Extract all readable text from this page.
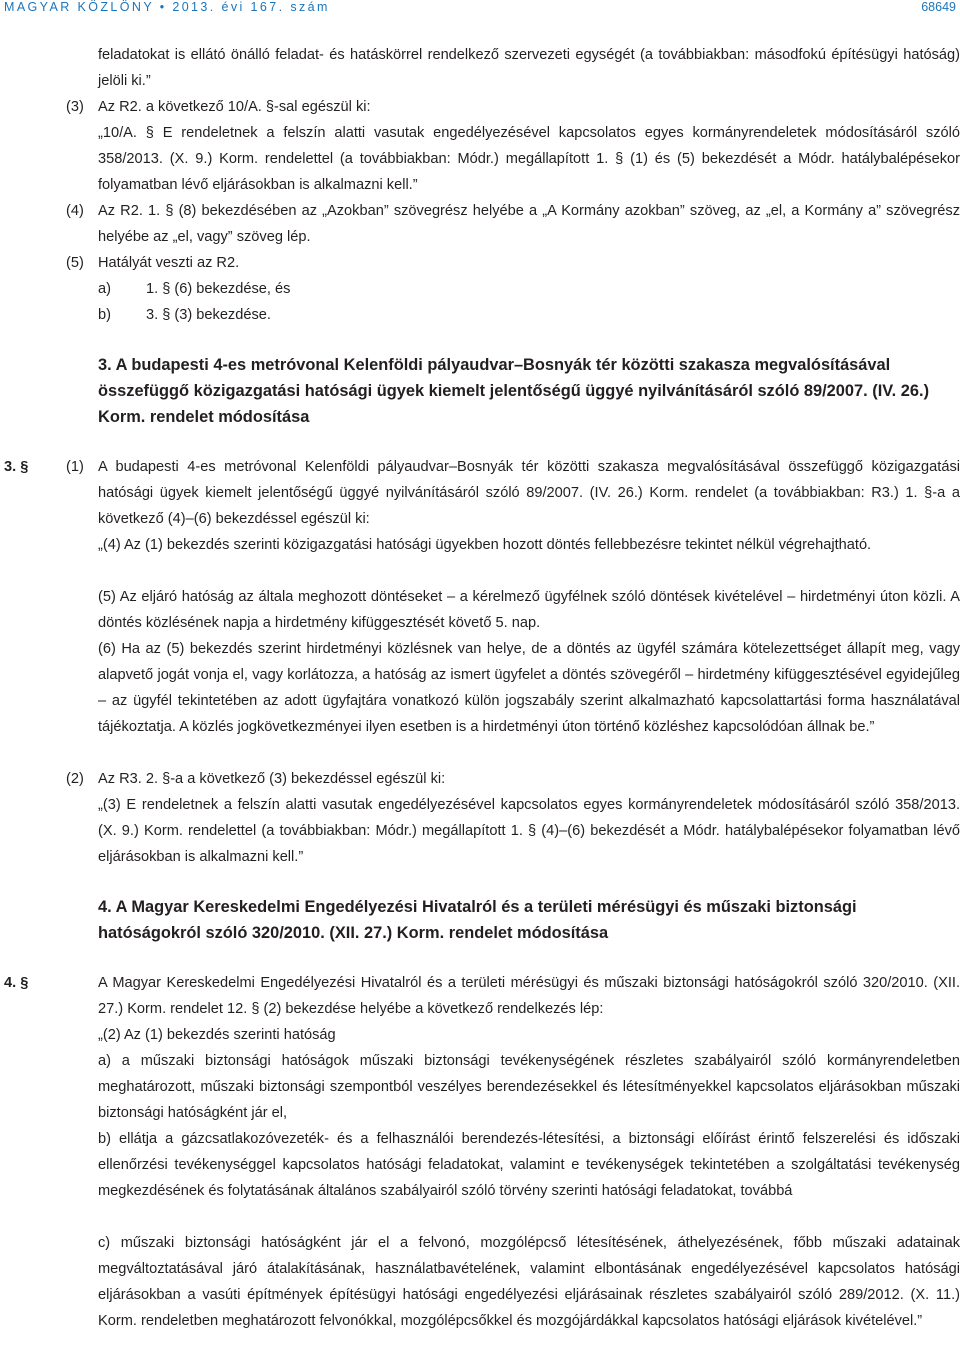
MAGYAR KÖZLÖNY • 2013. évi 167. szám	68649
feladatokat is ellátó önálló feladat- és hatáskörrel rendelkező szervezeti egységét (a továbbiakban: másodfokú építésügyi hatóság) jelöli ki.”
(3) Az R2. a következő 10/A. §-sal egészül ki:
„10/A. § E rendeletnek a felszín alatti vasutak engedélyezésével kapcsolatos egyes kormányrendeletek módosításáról szóló 358/2013. (X. 9.) Korm. rendelettel (a továbbiakban: Módr.) megállapított 1. § (1) és (5) bekezdését a Módr. hatálybalépésekor folyamatban lévő eljárásokban is alkalmazni kell.”
(4) Az R2. 1. § (8) bekezdésében az „Azokban” szövegrész helyébe a „A Kormány azokban” szöveg, az „el, a Kormány a” szövegrész helyébe az „el, vagy” szöveg lép.
(5) Hatályát veszti az R2.
a) 1. § (6) bekezdése, és
b) 3. § (3) bekezdése.
3. A budapesti 4-es metróvonal Kelenföldi pályaudvar–Bosnyák tér közötti szakasza megvalósításával összefüggő közigazgatási hatósági ügyek kiemelt jelentőségű üggyé nyilvánításáról szóló 89/2007. (IV. 26.) Korm. rendelet módosítása
3. §	(1) A budapesti 4-es metróvonal Kelenföldi pályaudvar–Bosnyák tér közötti szakasza megvalósításával összefüggő közigazgatási hatósági ügyek kiemelt jelentőségű üggyé nyilvánításáról szóló 89/2007. (IV. 26.) Korm. rendelet (a továbbiakban: R3.) 1. §-a a következő (4)–(6) bekezdéssel egészül ki:
„(4) Az (1) bekezdés szerinti közigazgatási hatósági ügyekben hozott döntés fellebbezésre tekintet nélkül végrehajtható.
(5) Az eljáró hatóság az általa meghozott döntéseket – a kérelmező ügyfélnek szóló döntések kivételével – hirdetményi úton közli. A döntés közlésének napja a hirdetmény kifüggesztését követő 5. nap.
(6) Ha az (5) bekezdés szerint hirdetményi közlésnek van helye, de a döntés az ügyfél számára kötelezettséget állapít meg, vagy alapvető jogát vonja el, vagy korlátozza, a hatóság az ismert ügyfelet a döntés szövegéről – hirdetmény kifüggesztésével egyidejűleg – az ügyfél tekintetében az adott ügyfajtára vonatkozó külön jogszabály szerint alkalmazható kapcsolattartási forma használatával tájékoztatja. A közlés jogkövetkezményei ilyen esetben is a hirdetményi úton történő közléshez kapcsolódóan állnak be.”
(2) Az R3. 2. §-a a következő (3) bekezdéssel egészül ki:
„(3) E rendeletnek a felszín alatti vasutak engedélyezésével kapcsolatos egyes kormányrendeletek módosításáról szóló 358/2013. (X. 9.) Korm. rendelettel (a továbbiakban: Módr.) megállapított 1. § (4)–(6) bekezdését a Módr. hatálybalépésekor folyamatban lévő eljárásokban is alkalmazni kell.”
4. A Magyar Kereskedelmi Engedélyezési Hivatalról és a területi mérésügyi és műszaki biztonsági hatóságokról szóló 320/2010. (XII. 27.) Korm. rendelet módosítása
4. §	A Magyar Kereskedelmi Engedélyezési Hivatalról és a területi mérésügyi és műszaki biztonsági hatóságokról szóló 320/2010. (XII. 27.) Korm. rendelet 12. § (2) bekezdése helyébe a következő rendelkezés lép:
„(2) Az (1) bekezdés szerinti hatóság
a) a műszaki biztonsági hatóságok műszaki biztonsági tevékenységének részletes szabályairól szóló kormányrendeletben meghatározott, műszaki biztonsági szempontból veszélyes berendezésekkel és létesítményekkel kapcsolatos eljárásokban műszaki biztonsági hatóságként jár el,
b) ellátja a gázcsatlakozóvezeték- és a felhasználói berendezés-létesítési, a biztonsági előírást érintő felszerelési és időszaki ellenőrzési tevékenységgel kapcsolatos hatósági feladatokat, valamint e tevékenységek tekintetében a szolgáltatási tevékenység megkezdésének és folytatásának általános szabályairól szóló törvény szerinti hatósági feladatokat, továbbá
c) műszaki biztonsági hatóságként jár el a felvonó, mozgólépcső létesítésének, áthelyezésének, főbb műszaki adatainak megváltoztatásával járó átalakításának, használatbavételének, valamint elbontásának engedélyezésével kapcsolatos hatósági eljárásokban a vasúti építmények építésügyi hatósági engedélyezési eljárásainak részletes szabályairól szóló 289/2012. (X. 11.) Korm. rendeletben meghatározott felvonókkal, mozgólépcsőkkel és mozgójárdákkal kapcsolatos hatósági eljárások kivételével.”
